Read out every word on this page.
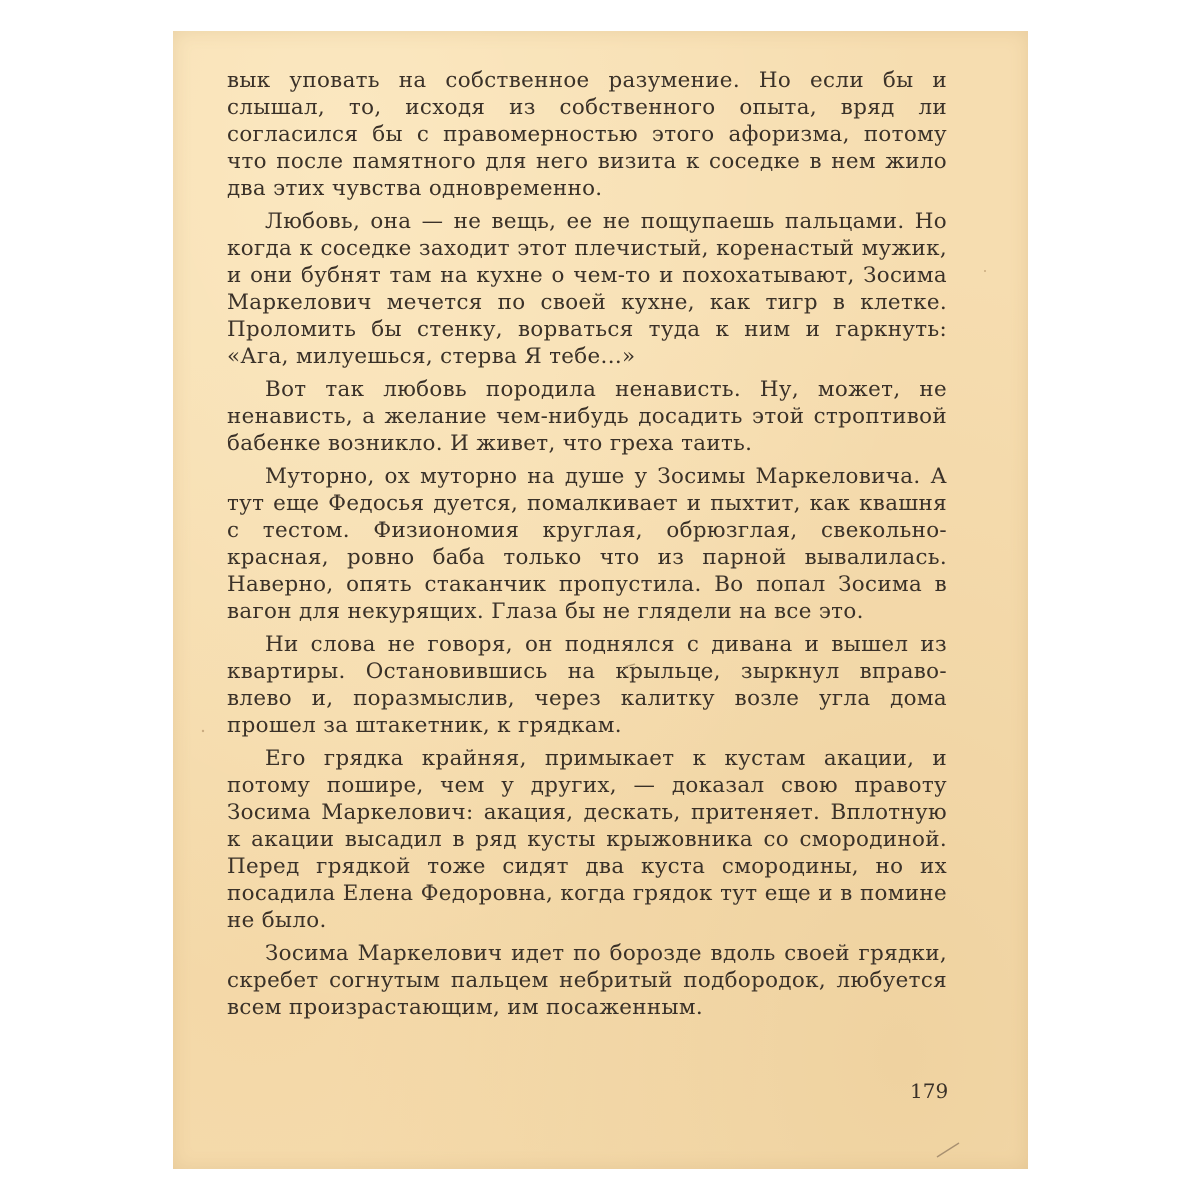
вык уповать на собственное разумение. Но если бы и слышал, то, исходя из собственного опыта, вряд ли согласился бы с правомерностью этого афоризма, потому что после памятного для него визита к соседке в нем жило два этих чувства одновременно.

Любовь, она — не вещь, ее не пощупаешь пальцами. Но когда к соседке заходит этот плечистый, коренастый мужик, и они бубнят там на кухне о чем-то и похохатывают, Зосима Маркелович мечется по своей кухне, как тигр в клетке. Проломить бы стенку, ворваться туда к ним и гаркнуть: «Ага, милуешься, стерва Я тебе...»

Вот так любовь породила ненависть. Ну, может, не ненависть, а желание чем-нибудь досадить этой строптивой бабенке возникло. И живет, что греха таить.

Муторно, ох муторно на душе у Зосимы Маркеловича. А тут еще Федосья дуется, помалкивает и пыхтит, как квашня с тестом. Физиономия круглая, обрюзглая, свекольно-красная, ровно баба только что из парной вывалилась. Наверно, опять стаканчик пропустила. Во попал Зосима в вагон для некурящих. Глаза бы не глядели на все это.

Ни слова не говоря, он поднялся с дивана и вышел из квартиры. Остановившись на крыльце, зыркнул вправо-влево и, поразмыслив, через калитку возле угла дома прошел за штакетник, к грядкам.

Его грядка крайняя, примыкает к кустам акации, и потому пошире, чем у других, — доказал свою правоту Зосима Маркелович: акация, дескать, притеняет. Вплотную к акации высадил в ряд кусты крыжовника со смородиной. Перед грядкой тоже сидят два куста смородины, но их посадила Елена Федоровна, когда грядок тут еще и в помине не было.

Зосима Маркелович идет по борозде вдоль своей грядки, скребет согнутым пальцем небритый подбородок, любуется всем произрастающим, им посаженным.

179
